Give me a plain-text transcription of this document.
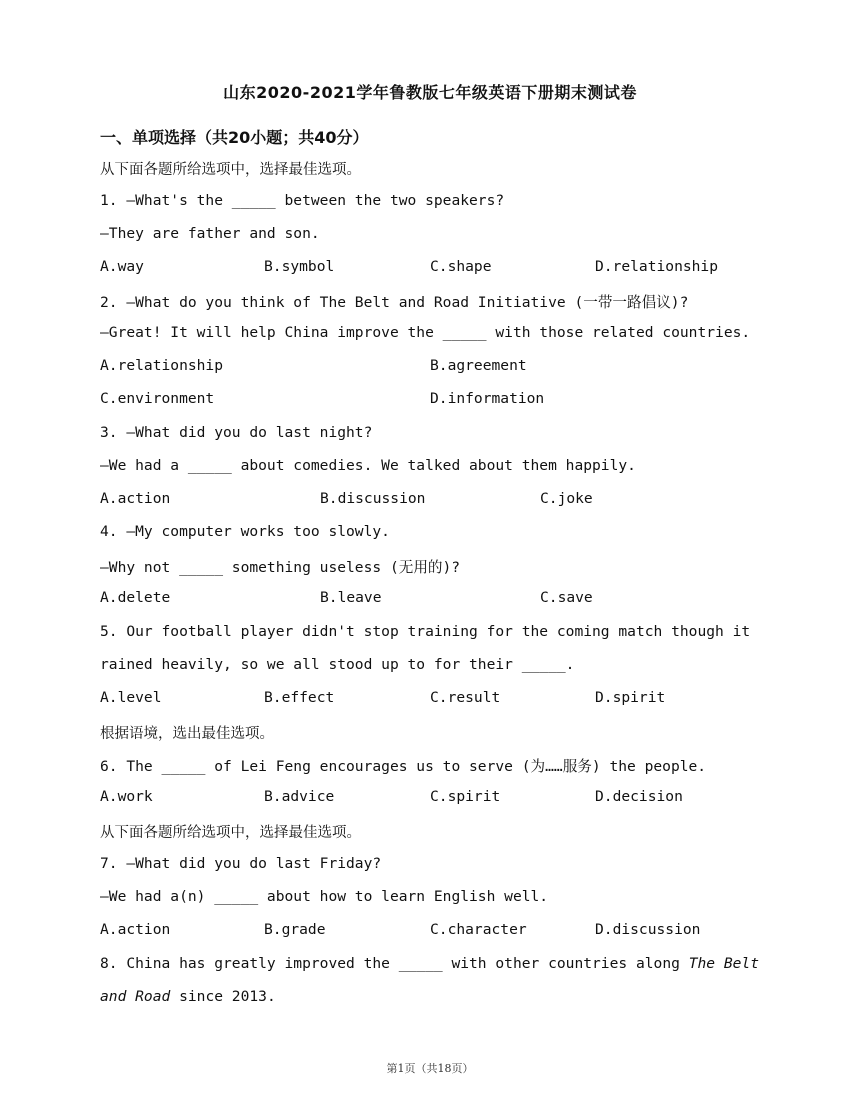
山东2020-2021学年鲁教版七年级英语下册期末测试卷
一、单项选择（共20小题；共40分）
从下面各题所给选项中，选择最佳选项。
1. —What's the _____ between the two speakers?
—They are father and son.
A.way	B.symbol	C.shape	D.relationship
2. —What do you think of The Belt and Road Initiative (一带一路倡议)?
—Great! It will help China improve the _____ with those related countries.
A.relationship	B.agreement
C.environment	D.information
3. —What did you do last night?
—We had a _____ about comedies. We talked about them happily.
A.action	B.discussion	C.joke
4. —My computer works too slowly.
—Why not _____ something useless (无用的)?
A.delete	B.leave	C.save
5. Our football player didn't stop training for the coming match though it
rained heavily, so we all stood up to for their _____.
A.level	B.effect	C.result	D.spirit
根据语境，选出最佳选项。
6. The _____ of Lei Feng encourages us to serve (为……服务) the people.
A.work	B.advice	C.spirit	D.decision
从下面各题所给选项中，选择最佳选项。
7. —What did you do last Friday?
—We had a(n) _____ about how to learn English well.
A.action	B.grade	C.character	D.discussion
8. China has greatly improved the _____ with other countries along The Belt
and Road since 2013.
第1页（共18页）
